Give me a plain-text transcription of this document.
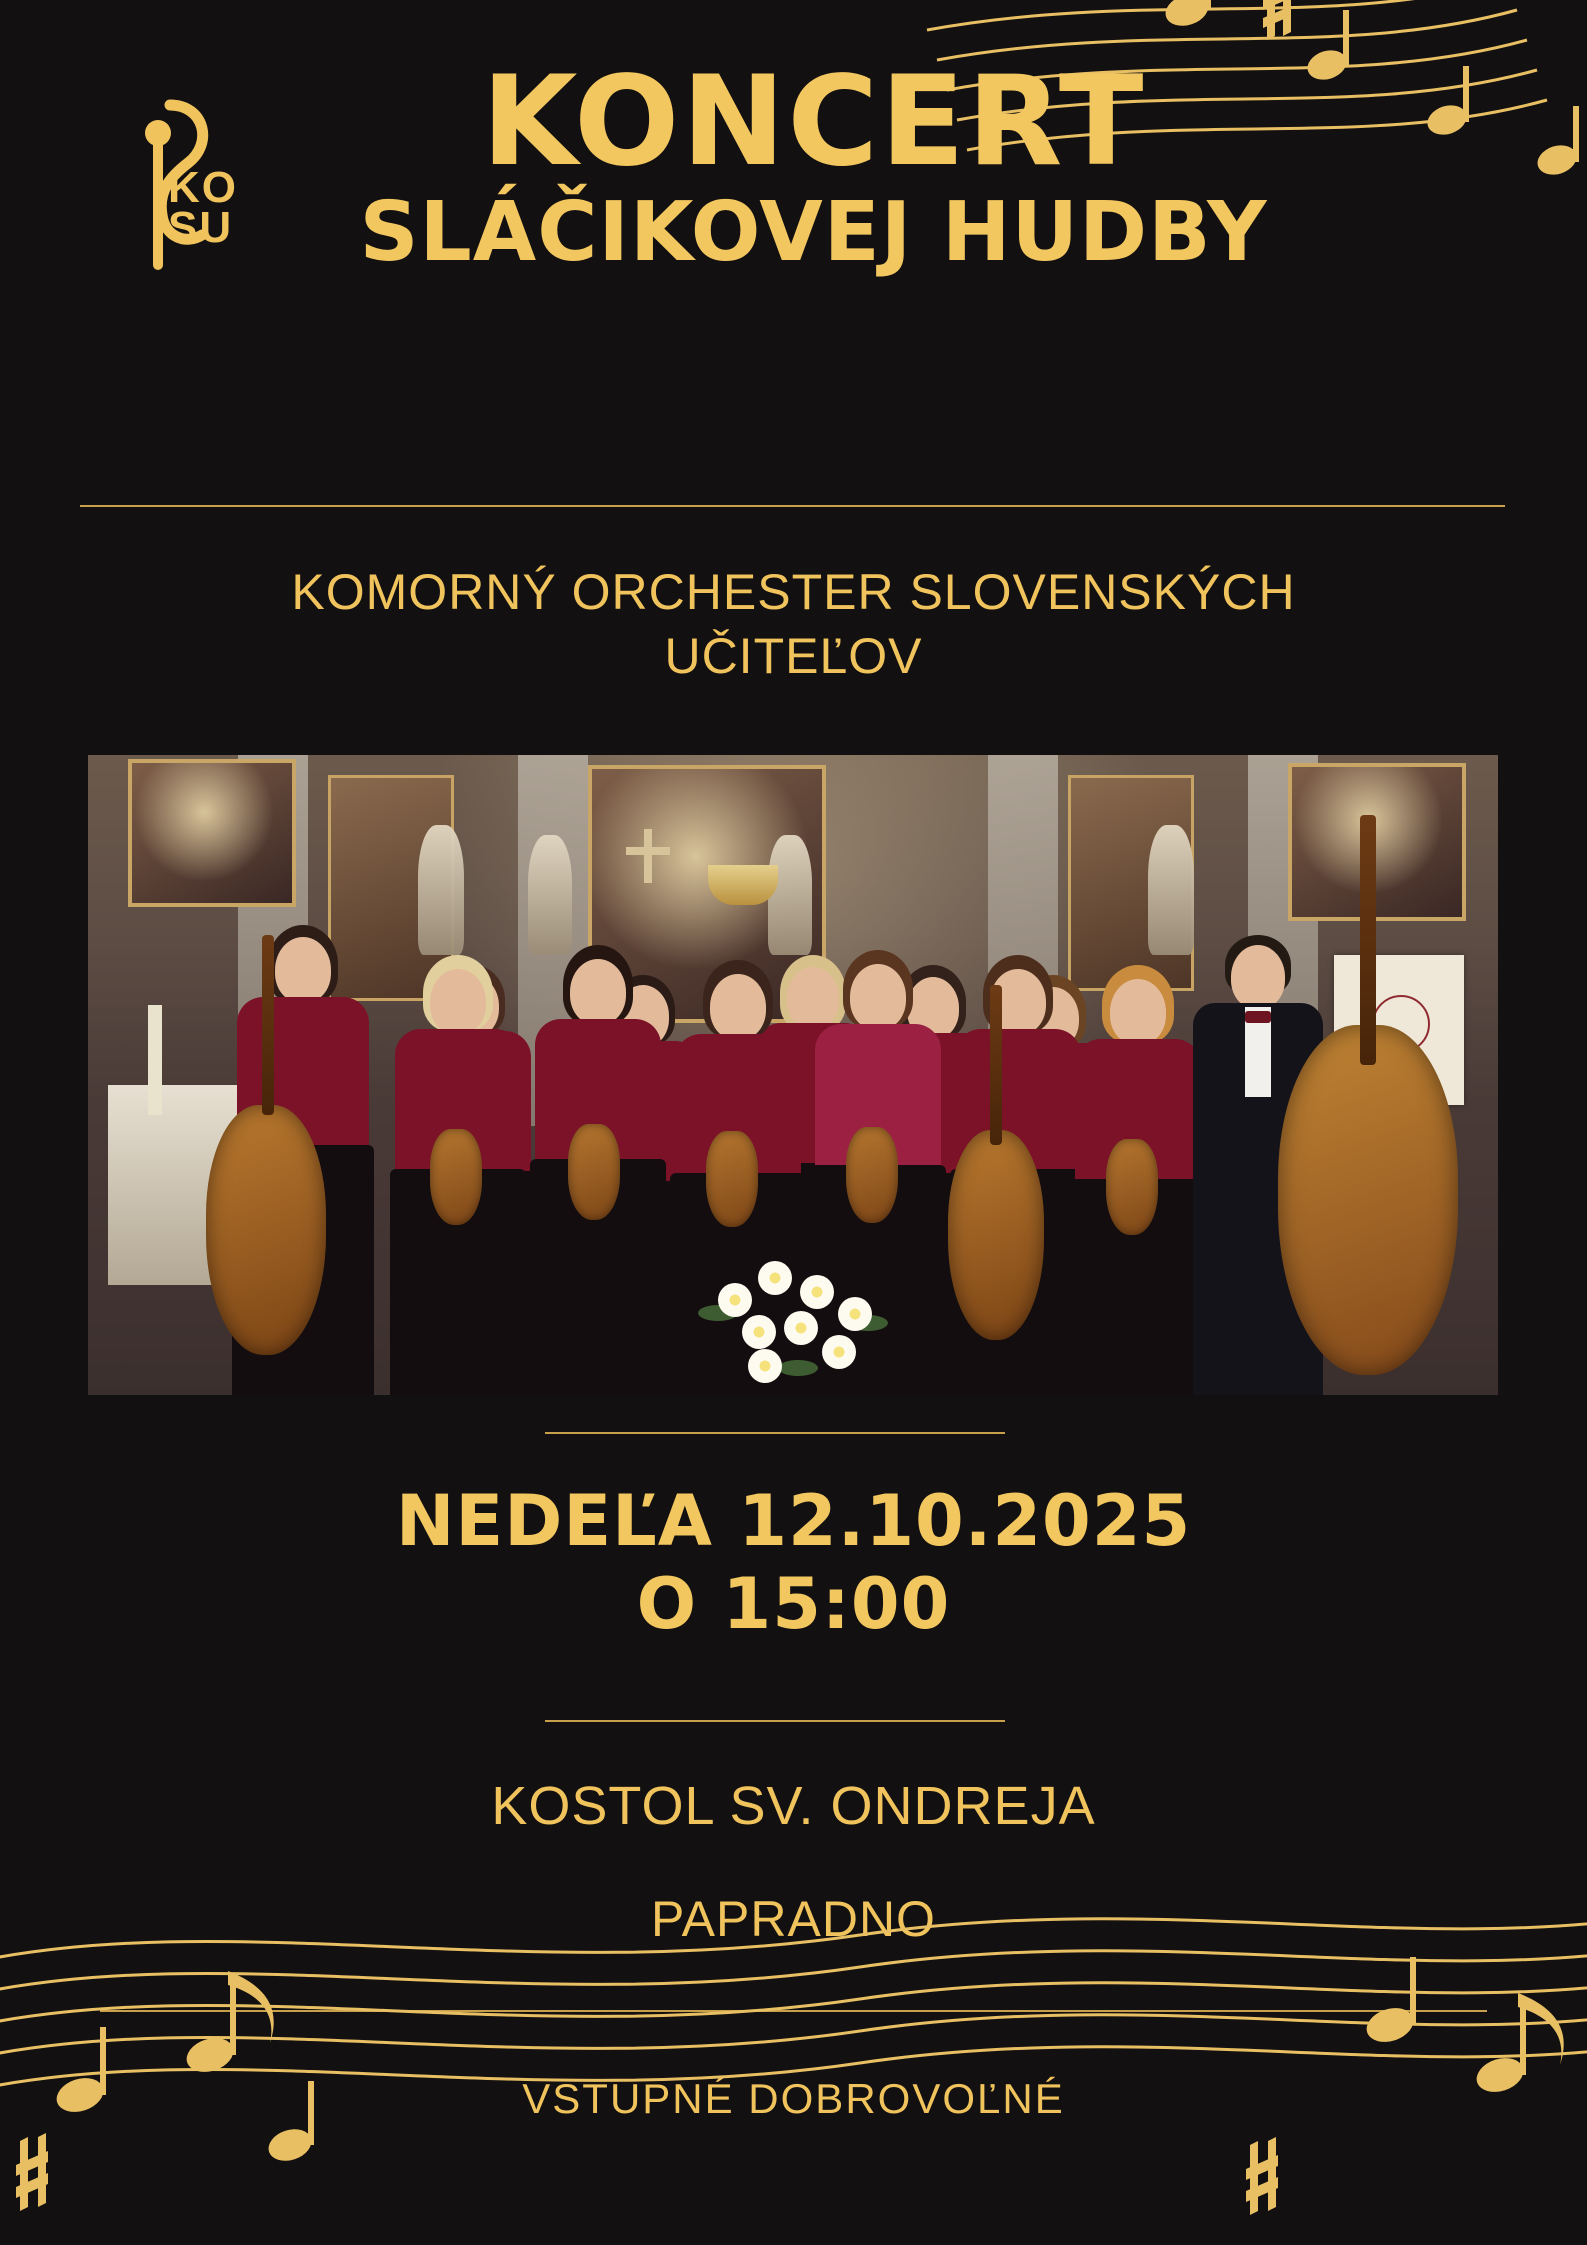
KO
SU
KONCERT
SLÁČIKOVEJ HUDBY
KOMORNÝ ORCHESTER SLOVENSKÝCH
UČITEĽOV
NEDEĽA 12.10.2025
O 15:00
KOSTOL SV. ONDREJA
PAPRADNO
VSTUPNÉ DOBROVOĽNÉ
